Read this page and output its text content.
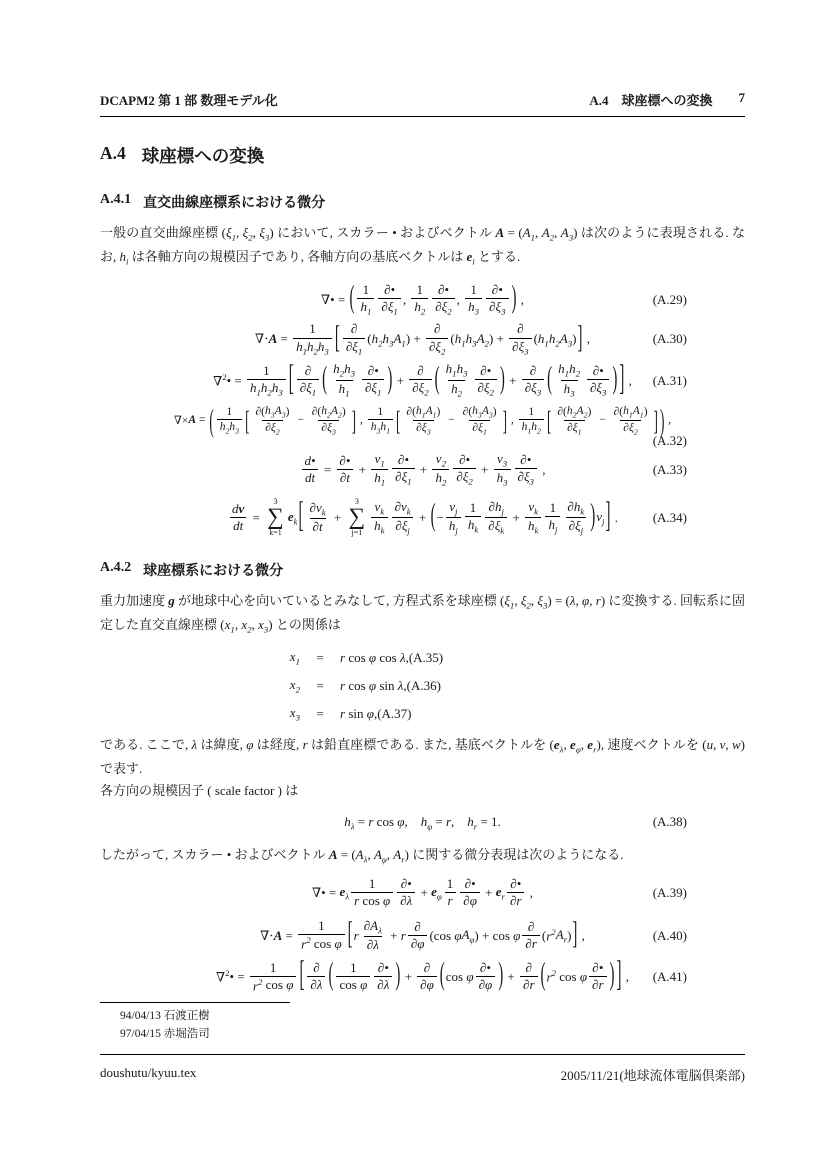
DCAPM2 第 1 部 数理モデル化	A.4　球座標への変換 7
A.4 球座標への変換
A.4.1 直交曲線座標系における微分
一般の直交曲線座標 ($\xi_1$, $\xi_2$, $\xi_3$) において, スカラー • およびベクトル $A = (A_1$, $A_2$, $A_3$) は次のように表現される. なお, $h_i$ は各軸方向の規模因子であり, 各軸方向の基底ベクトルは $e_i$ とする.
∇• = ( $\frac{1}{h_1} \frac{\partial•}{\partial\xi_1}$ , $\frac{1}{h_2} \frac{\partial•}{\partial\xi_2}$ , $\frac{1}{h_3} \frac{\partial•}{\partial\xi_3}$ ) ,	(A.29)
∇⋅ $A = \frac{1}{h_1 h_2 h_3}$ [ $\frac{\partial}{\partial\xi_1}$ ( $h_2$ $h_3$ $A_1$ ) + $\frac{\partial}{\partial\xi_2}$ ( $h_1$ $h_3$ $A_2$ ) + $\frac{\partial}{\partial\xi_3}$ ( $h_1$ $h_2$ $A_3$ ) ] ,	(A.30)
∇$^2$ • = $\frac{1}{h_1 h_2 h_3}$ [ $\frac{\partial}{\partial\xi_1}$ ( $\frac{h_2 h_3}{h_1} \frac{\partial•}{\partial\xi_1}$ ) + $\frac{\partial}{\partial\xi_2}$ ( $\frac{h_1 h_3}{h_2} \frac{\partial•}{\partial\xi_2}$ ) + $\frac{\partial}{\partial\xi_3}$ ( $\frac{h_1 h_2}{h_3} \frac{\partial•}{\partial\xi_3}$ ) ] , (A.31)
∇× A = ( $\frac{1}{h_2 h_3}$ [ $\frac{\partial ( h_3 A_3 )}{\partial\xi_2} - \frac{\partial ( h_2 A_2 )}{\partial\xi_3}$ ] , $\frac{1}{h_3 h_1}$ [ $\frac{\partial ( h_1 A_1 )}{\partial\xi_3} - \frac{\partial ( h_3 A_3 )}{\partial\xi_1}$ ] , $\frac{1}{h_1 h_2}$ [ $\frac{\partial ( h_2 A_2 )}{\partial\xi_1} - \frac{\partial ( h_1 A_1 )}{\partial\xi_2}$ ] ) ,
(A.32)
$\frac{d•}{dt} = \frac{\partial•}{\partial t} + \frac{v_1}{h_1} \frac{\partial•}{\partial\xi_1} + \frac{v_2}{h_2} \frac{\partial•}{\partial\xi_2} + \frac{v_3}{h_3} \frac{\partial•}{\partial\xi_3}$ ,	(A.33)
$\frac{\text{d v}}{dt}$ =
3
∑
k=1
$e_k$ [ $\frac{\partial v_k}{\partial t}$ +
3
∑
$j=1 \frac{v_k}{h_k} \frac{\partial v_k}{\partial\xi_j}$ + ( − $\frac{v_j}{h_j} \frac{1}{h_k} \frac{\partial h_j}{\partial\xi_k} + \frac{v_k}{h_k} \frac{1}{h_j} \frac{\partial h_k}{\partial\xi_j}$ ) $v_j$ ] .	(A.34)
A.4.2 球座標系における微分
重力加速度 g が地球中心を向いているとみなして, 方程式系を球座標 ($\xi_1$, $\xi_2$, $\xi_3) = (\lambda$, φ, r) に変換する. 回転系に固定した直交直線座標 ($x_1$, $x_2$, $x_3$) との関係は
$x_1$	=	r cos φ cos λ , (A.35)
$x_2$	=	r cos φ sin λ , (A.36)
$x_3$	=	r sin φ , (A.37)
である. ここで, λ は緯度, φ は経度, r は鉛直座標である. また, 基底ベクトルを ($e_\lambda$, $e_\varphi$, $e_r$), 速度ベクトルを (u, v, w) で表す.
各方向の規模因子 ( scale factor ) は
$h_\lambda = r$ cos φ , $h_\varphi = r$ , $h_r = 1$.	(A.38)
したがって, スカラー • およびベクトル $A = (A_\lambda$, $A_\varphi$, $A_r$) に関する微分表現は次のようになる.
∇• = $e_\lambda \frac{1}{\text{r cos φ}} \frac{\partial•}{\partial\lambda} + e_\varphi \frac{1}{r} \frac{\partial•}{\partial\varphi} + e_r \frac{\partial•}{\partial r}$ ,	(A.39)
∇⋅ $A = \frac{1}{r^2 \cos \varphi}$ [ r $\frac{\partial A_\lambda}{\partial\lambda} + r \frac{\partial}{\partial\varphi} (\cos$ φ $A_\varphi$ ) + cos φ $\frac{\partial}{\partial r}$ ( $r^2$ $A_r$ ) ] ,	(A.40)
∇$^2$ • = $\frac{1}{r^2 \cos \varphi}$ [ $\frac{\partial}{\partial\lambda}$ ( $\frac{1}{\text{cos φ}} \frac{\partial•}{\partial\lambda}$ ) + $\frac{\partial}{\partial\varphi}$ ( cos φ $\frac{\partial•}{\partial\varphi}$ ) + $\frac{\partial}{\partial r}$ ( $r^2$ cos φ $\frac{\partial•}{\partial r}$ ) ] , (A.41)
94/04/13 石渡正樹
97/04/15 赤堀浩司
doushutu/kyuu.tex	2005/11/21(地球流体電脳倶楽部)
